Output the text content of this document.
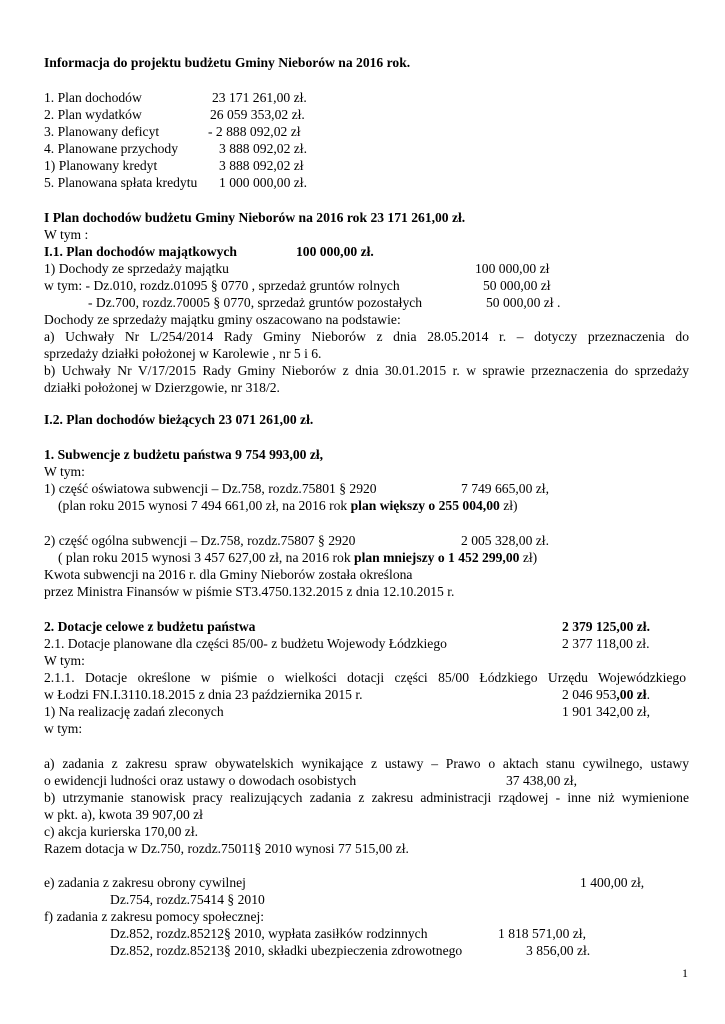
Informacja do projektu budżetu Gminy Nieborów na 2016 rok.
1. Plan dochodów	23 171 261,00 zł.
2. Plan wydatków	26 059 353,02 zł.
3. Planowany deficyt	- 2 888 092,02 zł
4. Planowane przychody	3 888 092,02 zł.
1) Planowany kredyt	3 888 092,02 zł
5. Planowana spłata kredytu 1 000 000,00 zł.
I Plan dochodów budżetu Gminy Nieborów na 2016 rok 23 171 261,00 zł.
W tym :
I.1. Plan dochodów majątkowych	100 000,00 zł.
1) Dochody ze sprzedaży majątku	100 000,00 zł
w tym: - Dz.010, rozdz.01095 § 0770 , sprzedaż gruntów rolnych	50 000,00 zł
- Dz.700, rozdz.70005 § 0770, sprzedaż gruntów pozostałych	50 000,00 zł .
Dochody ze sprzedaży majątku gminy oszacowano na podstawie:
a) Uchwały Nr L/254/2014 Rady Gminy Nieborów z dnia 28.05.2014 r. – dotyczy przeznaczenia do
sprzedaży działki położonej w Karolewie , nr 5 i 6.
b) Uchwały Nr V/17/2015 Rady Gminy Nieborów z dnia 30.01.2015 r. w sprawie przeznaczenia do sprzedaży
działki położonej w Dzierzgowie, nr 318/2.
I.2. Plan dochodów bieżących 23 071 261,00 zł.
1. Subwencje z budżetu państwa 9 754 993,00 zł,
W tym:
1) część oświatowa subwencji – Dz.758, rozdz.75801 § 2920	7 749 665,00 zł,
(plan roku 2015 wynosi 7 494 661,00 zł, na 2016 rok plan większy o 255 004,00 zł)
2) część ogólna subwencji – Dz.758, rozdz.75807 § 2920	2 005 328,00 zł.
( plan roku 2015 wynosi 3 457 627,00 zł, na 2016 rok plan mniejszy o 1 452 299,00 zł)
Kwota subwencji na 2016 r. dla Gminy Nieborów została określona
przez Ministra Finansów w piśmie ST3.4750.132.2015 z dnia 12.10.2015 r.
2. Dotacje celowe z budżetu państwa	2 379 125,00 zł.
2.1. Dotacje planowane dla części 85/00- z budżetu Wojewody Łódzkiego	2 377 118,00 zł.
W tym:
2.1.1. Dotacje określone w piśmie o wielkości dotacji części 85/00 Łódzkiego Urzędu Wojewódzkiego
w Łodzi FN.I.3110.18.2015 z dnia 23 października 2015 r.	2 046 953,00 zł.
1) Na realizację zadań zleconych	1 901 342,00 zł,
w tym:
a) zadania z zakresu spraw obywatelskich wynikające z ustawy – Prawo o aktach stanu cywilnego, ustawy
o ewidencji ludności oraz ustawy o dowodach osobistych	37 438,00 zł,
b) utrzymanie stanowisk pracy realizujących zadania z zakresu administracji rządowej - inne niż wymienione
w pkt. a), kwota 39 907,00 zł
c) akcja kurierska 170,00 zł.
Razem dotacja w Dz.750, rozdz.75011§ 2010 wynosi 77 515,00 zł.
e) zadania z zakresu obrony cywilnej	1 400,00 zł,
Dz.754, rozdz.75414 § 2010
f) zadania z zakresu pomocy społecznej:
Dz.852, rozdz.85212§ 2010, wypłata zasiłków rodzinnych	1 818 571,00 zł,
Dz.852, rozdz.85213§ 2010, składki ubezpieczenia zdrowotnego	3 856,00 zł.
1
